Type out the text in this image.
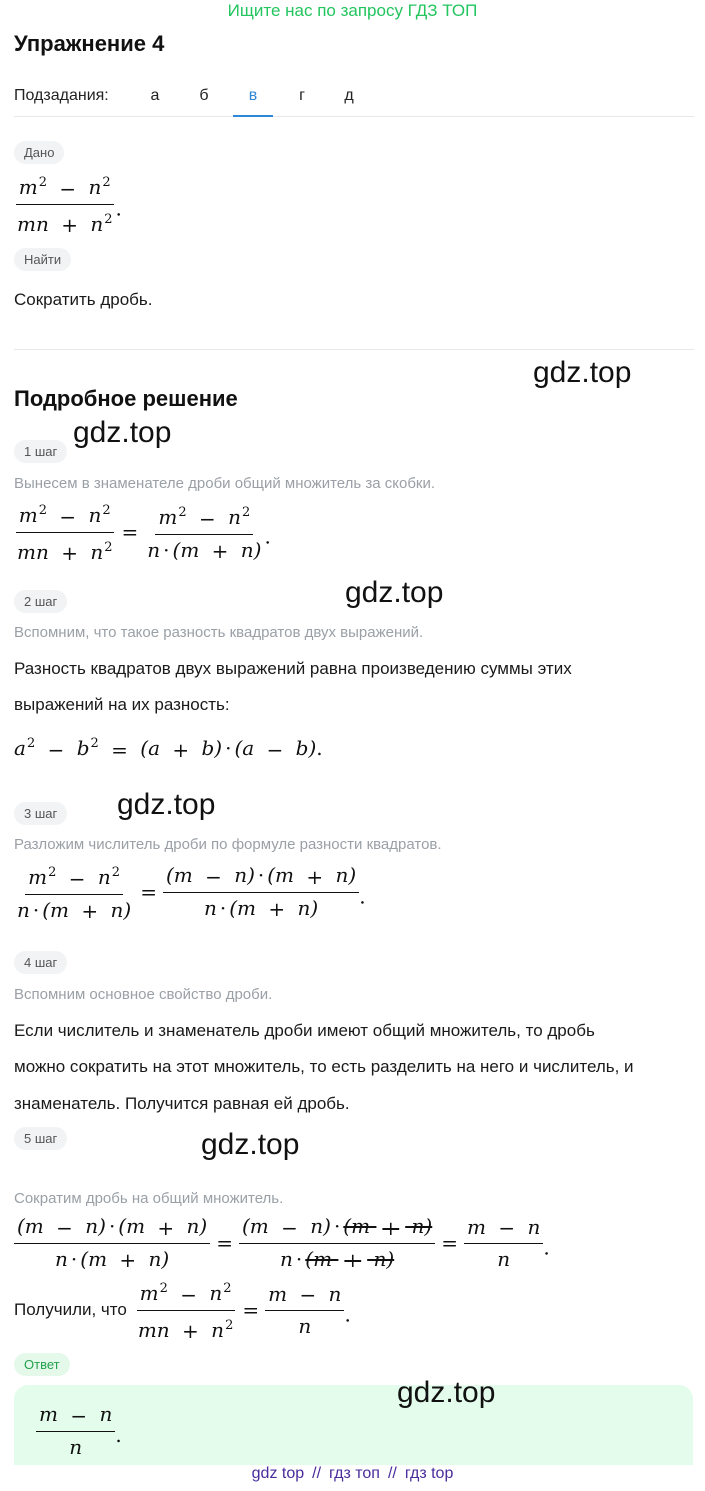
Ищите нас по запросу ГДЗ ТОП
Упражнение 4
Подзадания:	а	б	в	г	д
Дано
$\frac{m^2 - n^2}{mn + n^2}$ .
Найти
Сократить дробь.
gdz.top
Подробное решение
1 шаг
gdz.top
Вынесем в знаменателе дроби общий множитель за скобки.
$\frac{m^2 - n^2}{mn + n^2} = \frac{m^2 - n^2}{n \cdot (m + n)}$ .
2 шаг	gdz.top
Вспомним, что такое разность квадратов двух выражений.
Разность квадратов двух выражений равна произведению суммы этих
выражений на их разность:
$a^2 - b^2 = (a + b) \cdot (a - b)$.
3 шаг	gdz.top
Разложим числитель дроби по формуле разности квадратов.
$\frac{m^2 - n^2}{n \cdot (m + n)} = \frac{(m - n) \cdot (m + n)}{n \cdot (m + n)}$ .
4 шаг
Вспомним основное свойство дроби.
Если числитель и знаменатель дроби имеют общий множитель, то дробь
можно сократить на этот множитель, то есть разделить на него и числитель, и
знаменатель. Получится равная ей дробь.
5 шаг	gdz.top
Сократим дробь на общий множитель.
$\frac{(m - n) \cdot (m + n)}{n \cdot (m + n)} = \frac{(m - n) \cdot (m + n)}{n \cdot (m + n)} = \frac{m - n}{n}$ .
Получили, что $\frac{m^2 - n^2}{mn + n^2} = \frac{m - n}{n}$ .
Ответ
gdz.top
$\frac{m - n}{n}$ .
gdz top // гдз топ // гдз top
